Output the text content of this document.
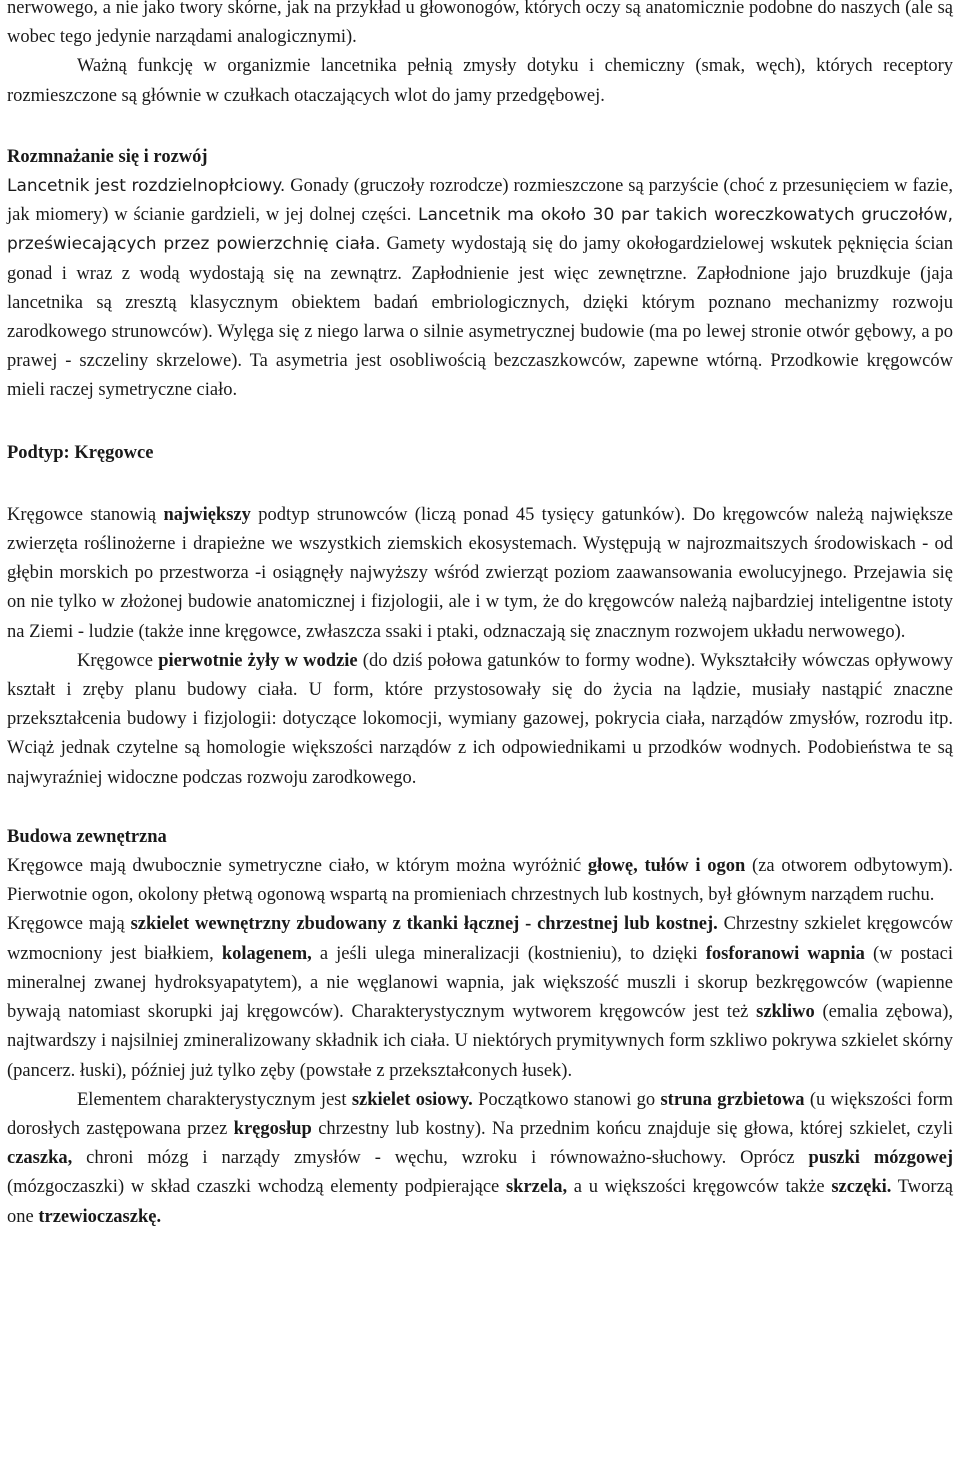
nerwowego, a nie jako twory skórne, jak na przykład u głowonogów, których oczy są anatomicznie podobne do naszych (ale są wobec tego jedynie narządami analogicznymi).

Ważną funkcję w organizmie lancetnika pełnią zmysły dotyku i chemiczny (smak, węch), których receptory rozmieszczone są głównie w czułkach otaczających wlot do jamy przedgębowej.

Rozmnażanie się i rozwój

Lancetnik jest rozdzielnopłciowy. Gonady (gruczoły rozrodcze) rozmieszczone są parzyście (choć z przesunięciem w fazie, jak miomery) w ścianie gardzieli, w jej dolnej części. Lancetnik ma około 30 par takich woreczkowatych gruczołów, przeświecających przez powierzchnię ciała. Gamety wydostają się do jamy okołogardzielowej wskutek pęknięcia ścian gonad i wraz z wodą wydostają się na zewnątrz. Zapłodnienie jest więc zewnętrzne. Zapłodnione jajo bruzdkuje (jaja lancetnika są zresztą klasycznym obiektem badań embriologicznych, dzięki którym poznano mechanizmy rozwoju zarodkowego strunowców). Wylęga się z niego larwa o silnie asymetrycznej budowie (ma po lewej stronie otwór gębowy, a po prawej - szczeliny skrzelowe). Ta asymetria jest osobliwością bezczaszkowców, zapewne wtórną. Przodkowie kręgowców mieli raczej symetryczne ciało.

Podtyp: Kręgowce

Kręgowce stanowią największy podtyp strunowców (liczą ponad 45 tysięcy gatunków). Do kręgowców należą największe zwierzęta roślinożerne i drapieżne we wszystkich ziemskich ekosystemach. Występują w najrozmaitszych środowiskach - od głębin morskich po przestworza -i osiągnęły najwyższy wśród zwierząt poziom zaawansowania ewolucyjnego. Przejawia się on nie tylko w złożonej budowie anatomicznej i fizjologii, ale i w tym, że do kręgowców należą najbardziej inteligentne istoty na Ziemi - ludzie (także inne kręgowce, zwłaszcza ssaki i ptaki, odznaczają się znacznym rozwojem układu nerwowego).

Kręgowce pierwotnie żyły w wodzie (do dziś połowa gatunków to formy wodne). Wykształciły wówczas opływowy kształt i zręby planu budowy ciała. U form, które przystosowały się do życia na lądzie, musiały nastąpić znaczne przekształcenia budowy i fizjologii: dotyczące lokomocji, wymiany gazowej, pokrycia ciała, narządów zmysłów, rozrodu itp. Wciąż jednak czytelne są homologie większości narządów z ich odpowiednikami u przodków wodnych. Podobieństwa te są najwyraźniej widoczne podczas rozwoju zarodkowego.

Budowa zewnętrzna

Kręgowce mają dwubocznie symetryczne ciało, w którym można wyróżnić głowę, tułów i ogon (za otworem odbytowym). Pierwotnie ogon, okolony płetwą ogonową wspartą na promieniach chrzestnych lub kostnych, był głównym narządem ruchu.

Kręgowce mają szkielet wewnętrzny zbudowany z tkanki łącznej - chrzestnej lub kostnej. Chrzestny szkielet kręgowców wzmocniony jest białkiem, kolagenem, a jeśli ulega mineralizacji (kostnieniu), to dzięki fosforanowi wapnia (w postaci mineralnej zwanej hydroksyapatytem), a nie węglanowi wapnia, jak większość muszli i skorup bezkręgowców (wapienne bywają natomiast skorupki jaj kręgowców). Charakterystycznym wytworem kręgowców jest też szkliwo (emalia zębowa), najtwardszy i najsilniej zmineralizowany składnik ich ciała. U niektórych prymitywnych form szkliwo pokrywa szkielet skórny (pancerz. łuski), później już tylko zęby (powstałe z przekształconych łusek).

Elementem charakterystycznym jest szkielet osiowy. Początkowo stanowi go struna grzbietowa (u większości form dorosłych zastępowana przez kręgosłup chrzestny lub kostny). Na przednim końcu znajduje się głowa, której szkielet, czyli czaszka, chroni mózg i narządy zmysłów - węchu, wzroku i równoważno-słuchowy. Oprócz puszki mózgowej (mózgoczaszki) w skład czaszki wchodzą elementy podpierające skrzela, a u większości kręgowców także szczęki. Tworzą one trzewioczaszkę.
